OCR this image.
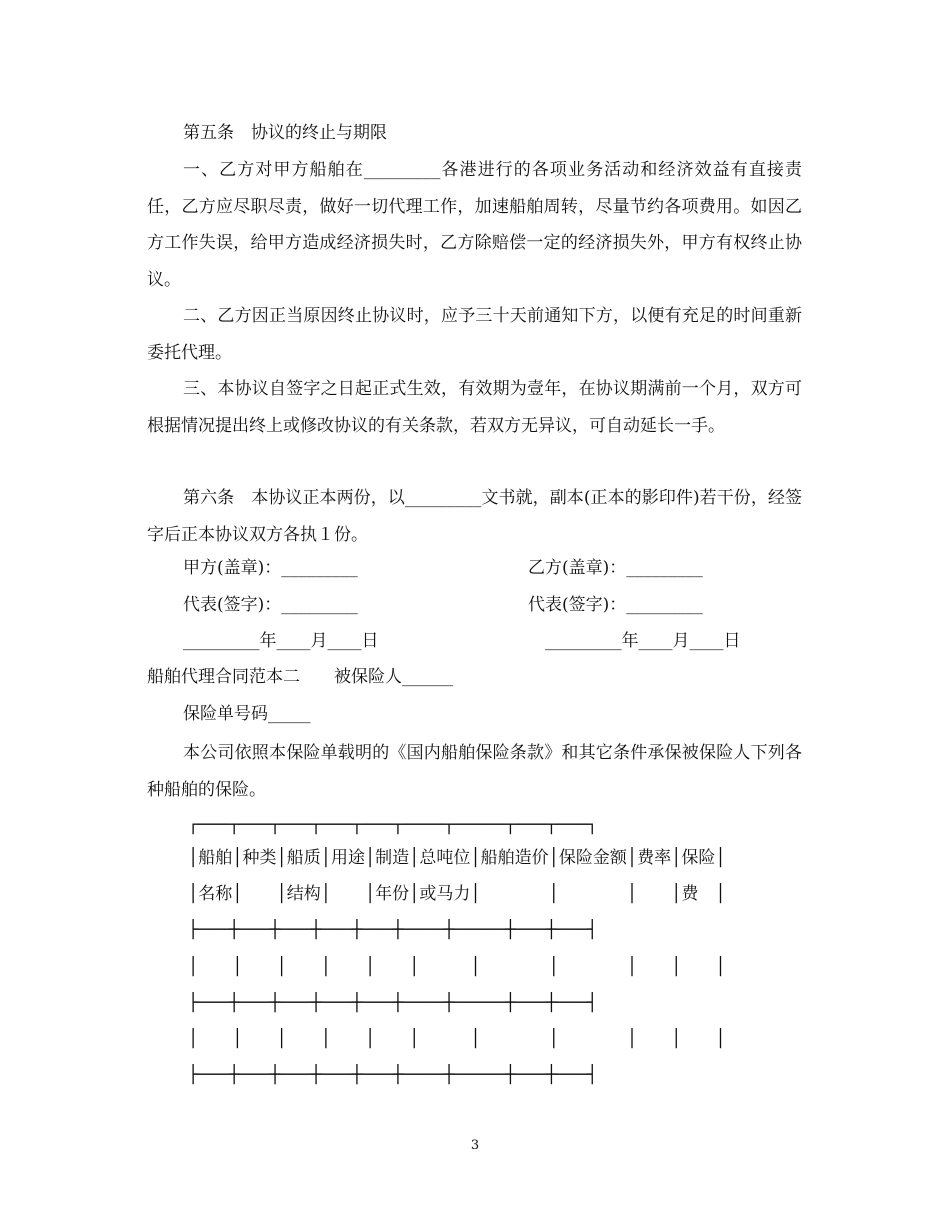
第五条　协议的终止与期限

一、乙方对甲方船舶在_________各港进行的各项业务活动和经济效益有直接责任，乙方应尽职尽责，做好一切代理工作，加速船舶周转，尽量节约各项费用。如因乙方工作失误，给甲方造成经济损失时，乙方除赔偿一定的经济损失外，甲方有权终止协议。

二、乙方因正当原因终止协议时，应予三十天前通知下方，以便有充足的时间重新委托代理。

三、本协议自签字之日起正式生效，有效期为壹年，在协议期满前一个月，双方可根据情况提出终上或修改协议的有关条款，若双方无异议，可自动延长一手。

第六条　本协议正本两份，以_________文书就，副本(正本的影印件)若干份，经签字后正本协议双方各执１份。

甲方(盖章)：_________	乙方(盖章)：_________
代表(签字)：_________	代表(签字)：_________
_________年____月____日	_________年____月____日
船舶代理合同范本二　　被保险人______
保险单号码_____

本公司依照本保险单载明的《国内船舶保险条款》和其它条件承保被保险人下列各种船舶的保险。

┌───┬───┬───┬───┬───┬────┬─────┬───┬───┐
│船舶│种类│船质│用途│制造│总吨位│船舶造价│保险金额│费率│保险│
│名称│　　│结构│　　│年份│或马力│　　　　│　　　　│　　│费　│
├───┼───┼───┼───┼───┼────┼─────┼───┼───┤
│　　│　　│　　│　　│　　│　　　│　　　　│　　　　│　　│　　│
├───┼───┼───┼───┼───┼────┼─────┼───┼───┤
│　　│　　│　　│　　│　　│　　　│　　　　│　　　　│　　│　　│
├───┼───┼───┼───┼───┼────┼─────┼───┼───┤
3
